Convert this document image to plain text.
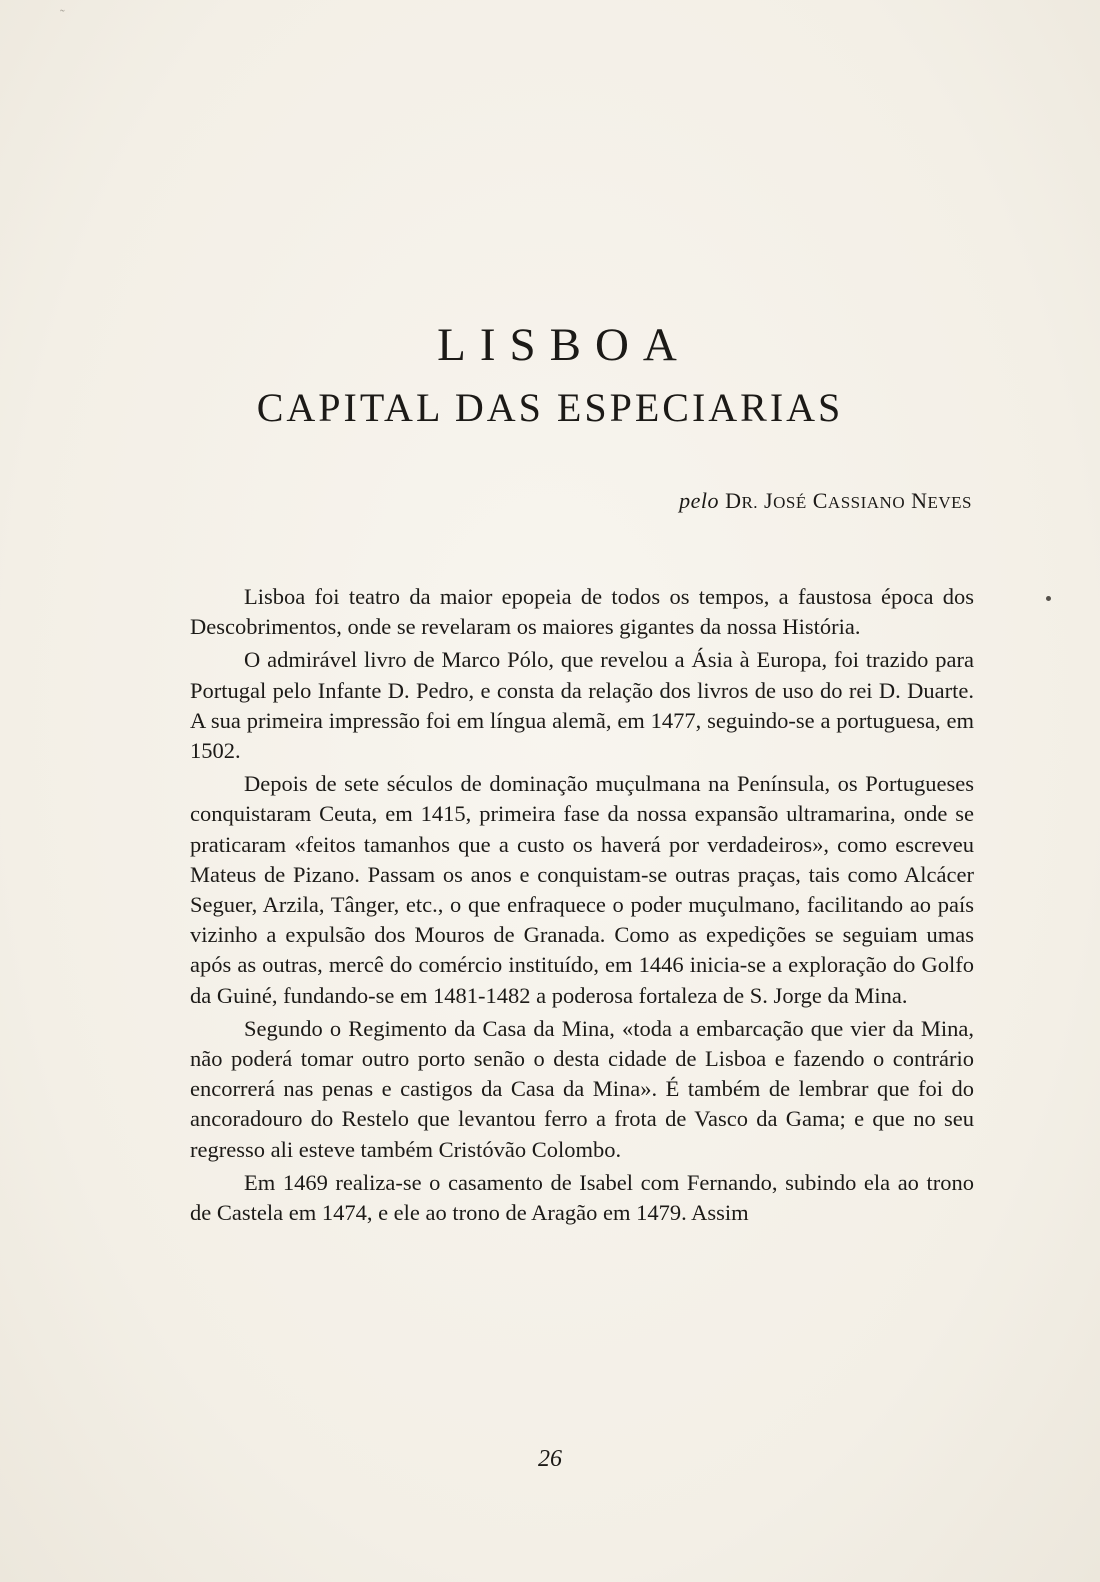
˜
LISBOA
CAPITAL DAS ESPECIARIAS
pelo DR. JOSÉ CASSIANO NEVES

Lisboa foi teatro da maior epopeia de todos os tempos, a faustosa época dos Descobrimentos, onde se revelaram os maiores gigantes da nossa História.

O admirável livro de Marco Pólo, que revelou a Ásia à Europa, foi trazido para Portugal pelo Infante D. Pedro, e consta da relação dos livros de uso do rei D. Duarte. A sua primeira impressão foi em língua alemã, em 1477, seguindo-se a portuguesa, em 1502.

Depois de sete séculos de dominação muçulmana na Península, os Portugueses conquistaram Ceuta, em 1415, primeira fase da nossa expansão ultramarina, onde se praticaram «feitos tamanhos que a custo os haverá por verdadeiros», como escreveu Mateus de Pizano. Passam os anos e conquistam-se outras praças, tais como Alcácer Seguer, Arzila, Tânger, etc., o que enfraquece o poder muçulmano, facilitando ao país vizinho a expulsão dos Mouros de Granada. Como as expedições se seguiam umas após as outras, mercê do comércio instituído, em 1446 inicia-se a exploração do Golfo da Guiné, fundando-se em 1481-1482 a poderosa fortaleza de S. Jorge da Mina.

Segundo o Regimento da Casa da Mina, «toda a embarcação que vier da Mina, não poderá tomar outro porto senão o desta cidade de Lisboa e fazendo o contrário encorrerá nas penas e castigos da Casa da Mina». É também de lembrar que foi do ancoradouro do Restelo que levantou ferro a frota de Vasco da Gama; e que no seu regresso ali esteve também Cristóvão Colombo.

Em 1469 realiza-se o casamento de Isabel com Fernando, subindo ela ao trono de Castela em 1474, e ele ao trono de Aragão em 1479. Assim

26
